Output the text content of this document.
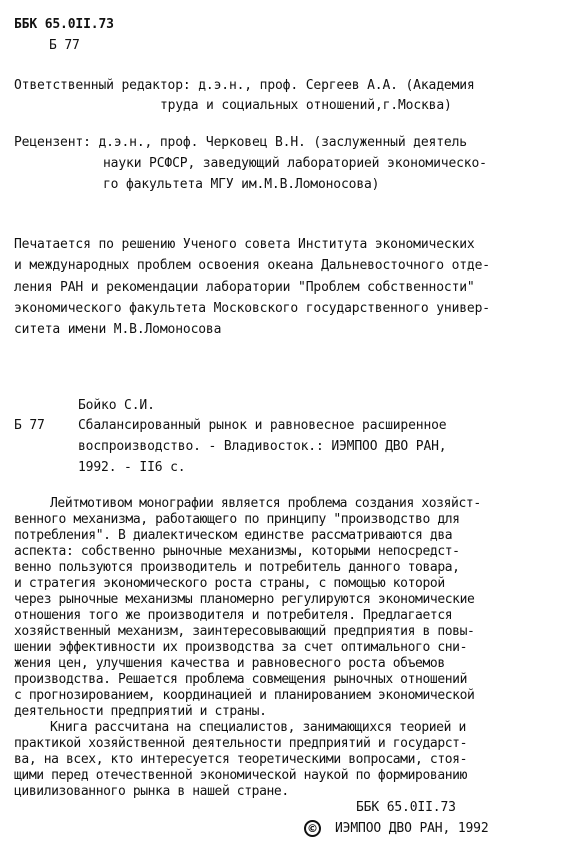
ББК 65.0II.73
Б 77
Ответственный редактор: д.э.н., проф. Сергеев А.А. (Академия
труда и социальных отношений,г.Москва)
Рецензент: д.э.н., проф. Черковец В.Н. (заслуженный деятель
науки РСФСР, заведующий лабораторией экономическо-
го факультета МГУ им.М.В.Ломоносова)
Печатается по решению Ученого совета Института экономических
и международных проблем освоения океана Дальневосточного отде-
ления РАН и рекомендации лаборатории "Проблем собственности"
экономического факультета Московского государственного универ-
ситета имени М.В.Ломоносова
Бойко С.И.
Б 77	Сбалансированный рынок и равновесное расширенное
воспроизводство. - Владивосток.: ИЭМПОО ДВО РАН,
1992. - II6 с.
Лейтмотивом монографии является проблема создания хозяйст-
венного механизма, работающего по принципу "производство для
потребления". В диалектическом единстве рассматриваются два
аспекта: собственно рыночные механизмы, которыми непосредст-
венно пользуются производитель и потребитель данного товара,
и стратегия экономического роста страны, с помощью которой
через рыночные механизмы планомерно регулируются экономические
отношения того же производителя и потребителя. Предлагается
хозяйственный механизм, заинтересовывающий предприятия в повы-
шении эффективности их производства за счет оптимального сни-
жения цен, улучшения качества и равновесного роста объемов
производства. Решается проблема совмещения рыночных отношений
с прогнозированием, координацией и планированием экономической
деятельности предприятий и страны.
Книга рассчитана на специалистов, занимающихся теорией и
практикой хозяйственной деятельности предприятий и государст-
ва, на всех, кто интересуется теоретическими вопросами, стоя-
щими перед отечественной экономической наукой по формированию
цивилизованного рынка в нашей стране.
ББК 65.0II.73
© ИЭМПОО ДВО РАН, 1992
